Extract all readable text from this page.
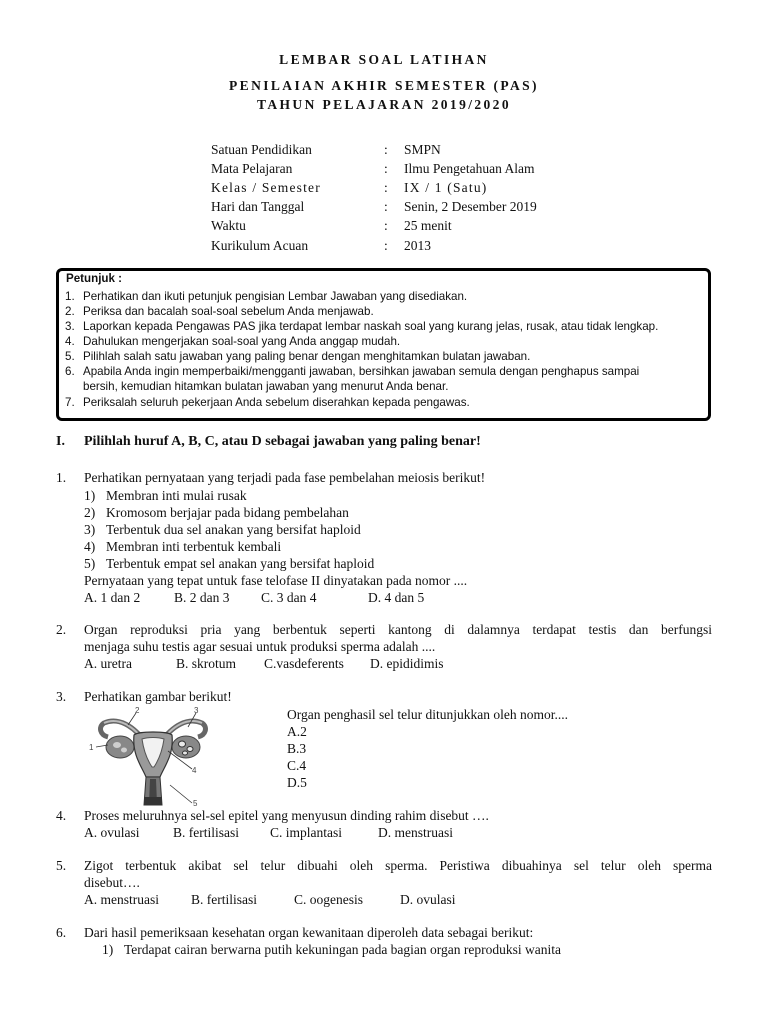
LEMBAR SOAL LATIHAN
PENILAIAN AKHIR SEMESTER (PAS)
TAHUN PELAJARAN 2019/2020
Satuan Pendidikan	: SMPN
Mata Pelajaran	: Ilmu Pengetahuan Alam
Kelas / Semester	: IX / 1 (Satu)
Hari dan Tanggal	: Senin, 2 Desember 2019
Waktu	: 25 menit
Kurikulum Acuan	: 2013
Petunjuk :
1. Perhatikan dan ikuti petunjuk pengisian Lembar Jawaban yang disediakan.
2. Periksa dan bacalah soal-soal sebelum Anda menjawab.
3. Laporkan kepada Pengawas PAS jika terdapat lembar naskah soal yang kurang jelas, rusak, atau tidak lengkap.
4. Dahulukan mengerjakan soal-soal yang Anda anggap mudah.
5. Pilihlah salah satu jawaban yang paling benar dengan menghitamkan bulatan jawaban.
6. Apabila Anda ingin memperbaiki/mengganti jawaban, bersihkan jawaban semula dengan penghapus sampai
bersih, kemudian hitamkan bulatan jawaban yang menurut Anda benar.
7. Periksalah seluruh pekerjaan Anda sebelum diserahkan kepada pengawas.
I. Pilihlah huruf A, B, C, atau D sebagai jawaban yang paling benar!
1. Perhatikan pernyataan yang terjadi pada fase pembelahan meiosis berikut!
1) Membran inti mulai rusak
2) Kromosom berjajar pada bidang pembelahan
3) Terbentuk dua sel anakan yang bersifat haploid
4) Membran inti terbentuk kembali
5) Terbentuk empat sel anakan yang bersifat haploid
Pernyataan yang tepat untuk fase telofase II dinyatakan pada nomor ....
A. 1 dan 2	B. 2 dan 3 C. 3 dan 4	D. 4 dan 5
2. Organ reproduksi pria yang berbentuk seperti kantong di dalamnya terdapat testis dan berfungsi
menjaga suhu testis agar sesuai untuk produksi sperma adalah ....
A. uretra	B. skrotum C.vasdeferents D. epididimis
3. Perhatikan gambar berikut!
Organ penghasil sel telur ditunjukkan oleh nomor....
A.2
B.3
C.4
D.5
1
2	3
4
5
4. Proses meluruhnya sel-sel epitel yang menyusun dinding rahim disebut ….
A. ovulasi B. fertilisasi C. implantasi	D. menstruasi
5. Zigot terbentuk akibat sel telur dibuahi oleh sperma. Peristiwa dibuahinya sel telur oleh sperma
disebut….
A. menstruasi B. fertilisasi	C. oogenesis	D. ovulasi
6. Dari hasil pemeriksaan kesehatan organ kewanitaan diperoleh data sebagai berikut:
1) Terdapat cairan berwarna putih kekuningan pada bagian organ reproduksi wanita
